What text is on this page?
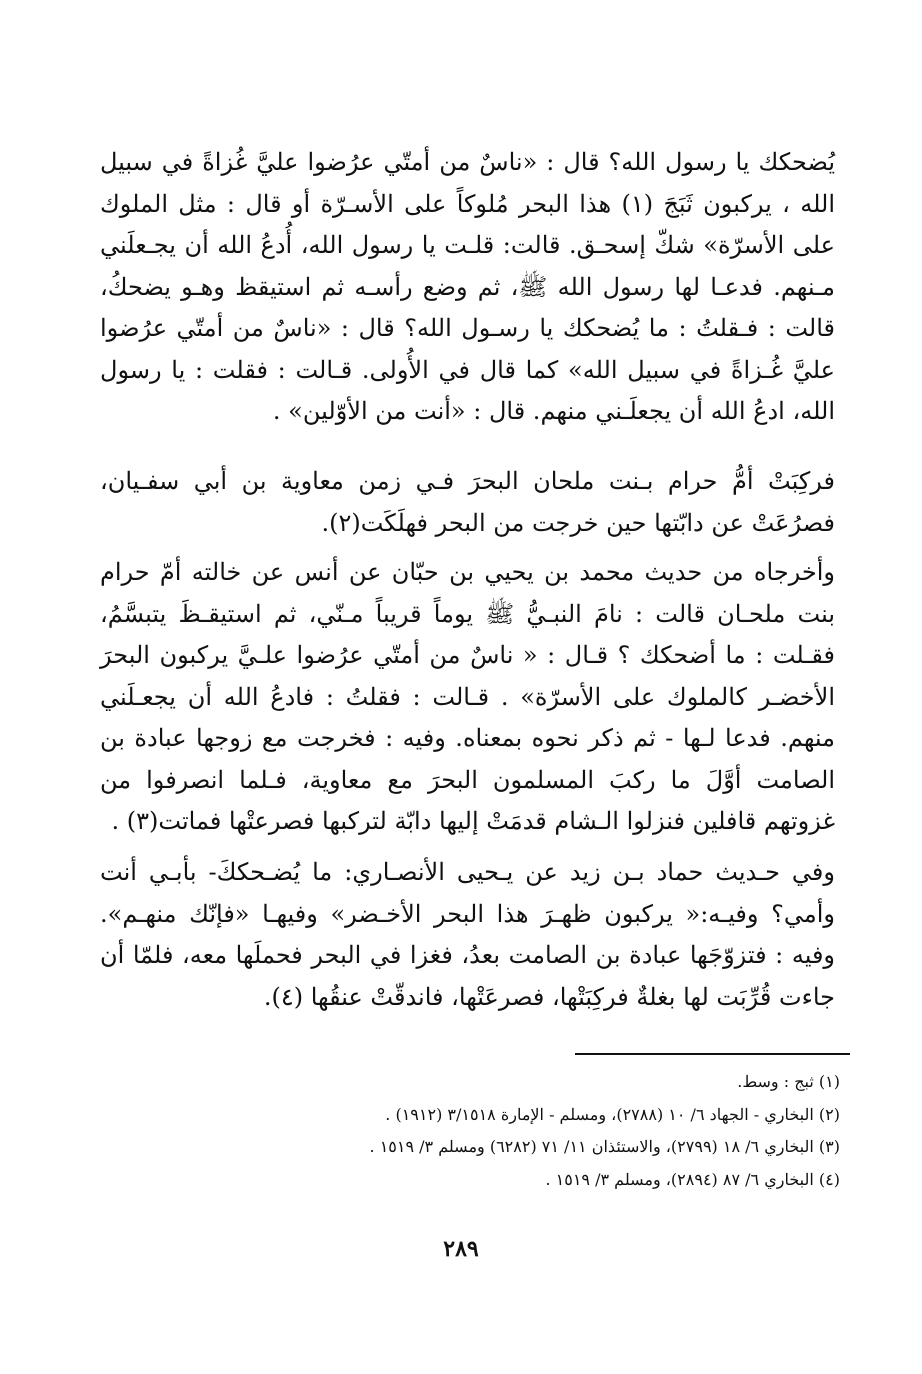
يُضحكك يا رسول الله؟ قال : «ناسٌ من أمتّي عرُضوا عليَّ غُزاةً في سبيل الله ، يركبون ثَبَجَ (١) هذا البحر مُلوكاً على الأسـرّة أو قال : مثل الملوك على الأسرّة» شكّ إسحـق. قالت: قلـت يا رسول الله، أُدعُ الله أن يجـعلَني مـنهم. فدعـا لها رسول الله ﷺ، ثم وضع رأسـه ثم استيقظ وهـو يضحكُ، قالت : فـقلتُ : ما يُضحكك يا رسـول الله؟ قال : «ناسٌ من أمتّي عرُضوا عليَّ غُـزاةً في سبيل الله» كما قال في الأُولى. قـالت : فقلت : يا رسول الله، ادعُ الله أن يجعلَـني منهم. قال : «أنت من الأوّلين» .

فركِبَتْ أمُّ حرام بـنت ملحان البحرَ فـي زمن معاوية بن أبي سفـيان، فصرُعَتْ عن دابّتها حين خرجت من البحر فهلَكَت(٢).

وأخرجاه من حديث محمد بن يحيي بن حبّان عن أنس عن خالته أمّ حرام بنت ملحـان قالت : نامَ النبـيُّ ﷺ يوماً قريباً مـنّي، ثم استيقـظَ يتبسَّمُ، فقـلت : ما أضحكك ؟ قـال : « ناسٌ من أمتّي عرُضوا علـيَّ يركبون البحرَ الأخضـر كالملوك على الأسرّة» . قـالت : فقلتُ : فادعُ الله أن يجعـلَني منهم. فدعا لـها - ثم ذكر نحوه بمعناه. وفيه : فخرجت مع زوجها عبادة بن الصامت أوَّلَ ما ركبَ المسلمون البحرَ مع معاوية، فـلما انصرفوا من غزوتهم قافلين فنزلوا الـشام قدمَتْ إليها دابّة لتركبها فصرعتْها فماتت(٣) .

وفي حـديث حماد بـن زيد عن يـحيى الأنصـاري: ما يُضـحككَ- بأبـي أنت وأمي؟ وفيـه:« يركبون ظهـرَ هذا البحر الأخـضر» وفيهـا «فإنّك منهـم». وفيه : فتزوّجَها عبادة بن الصامت بعدُ، فغزا في البحر فحملَها معه، فلمّا أن جاءت قُرِّبَت لها بغلةٌ فركِبَتْها، فصرعَتْها، فاندقّتْ عنقُها (٤).

(١) ثبج : وسط.
(٢) البخاري - الجهاد ٦/ ١٠ (٢٧٨٨)، ومسلم - الإمارة ٣/١٥١٨ (١٩١٢) .
(٣) البخاري ٦/ ١٨ (٢٧٩٩)، والاستئذان ١١/ ٧١ (٦٢٨٢) ومسلم ٣/ ١٥١٩ .
(٤) البخاري ٦/ ٨٧ (٢٨٩٤)، ومسلم ٣/ ١٥١٩ .
٢٨٩
